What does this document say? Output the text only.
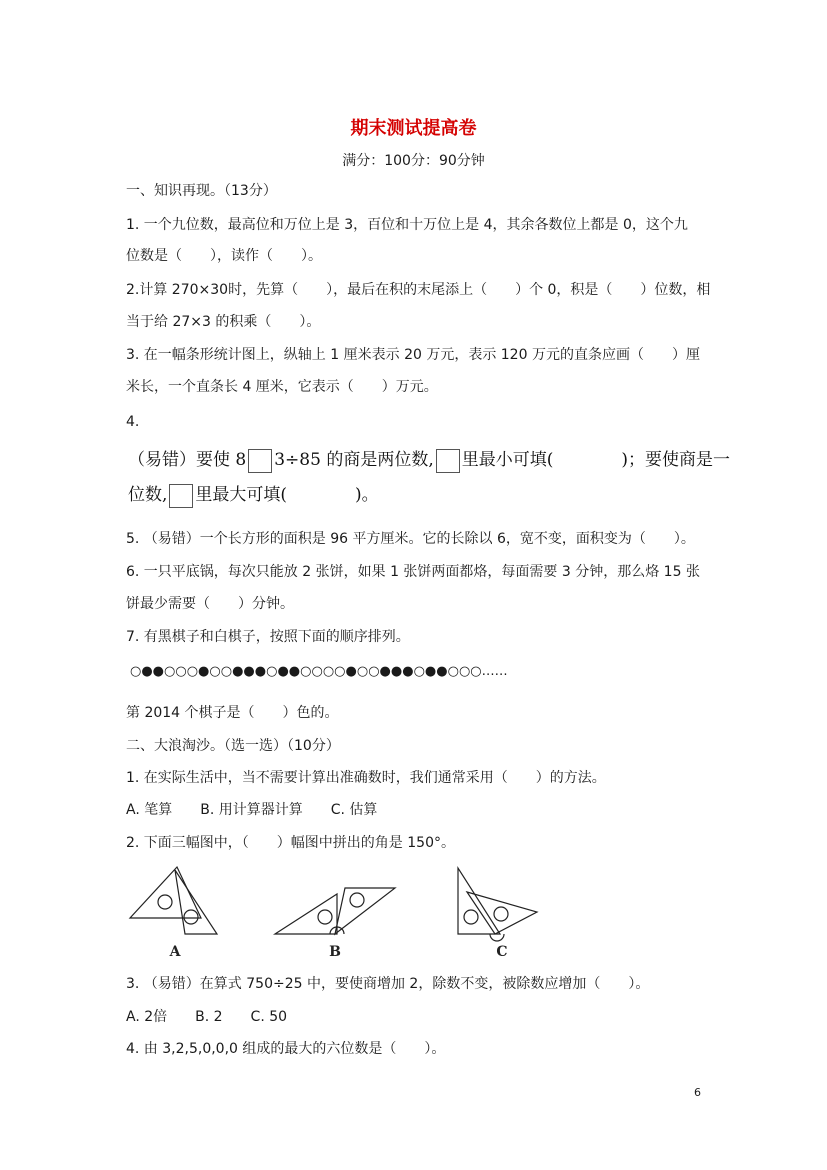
期末测试提高卷
满分：100分：90分钟
一、知识再现。（13分）
1. 一个九位数，最高位和万位上是 3，百位和十万位上是 4，其余各数位上都是 0，这个九
位数是（　　），读作（　　）。
2.计算 270×30时，先算（　　），最后在积的末尾添上（　　）个 0，积是（　　）位数，相
当于给 27×3 的积乘（　　）。
3. 在一幅条形统计图上，纵轴上 1 厘米表示 20 万元，表示 120 万元的直条应画（　　）厘
米长，一个直条长 4 厘米，它表示（　　）万元。
4.
（易错）要使 8 3÷85 的商是两位数, 里最小可填(　　　　)；要使商是一
位数, 里最大可填(　　　　)。
5. （易错）一个长方形的面积是 96 平方厘米。它的长除以 6，宽不变，面积变为（　　）。
6. 一只平底锅，每次只能放 2 张饼，如果 1 张饼两面都烙，每面需要 3 分钟，那么烙 15 张
饼最少需要（　　）分钟。
7. 有黑棋子和白棋子，按照下面的顺序排列。
○●●○○○●○○●●●○●●○○○○●○○●●●○●●○○○……
第 2014 个棋子是（　　）色的。
二、大浪淘沙。（选一选）（10分）
1. 在实际生活中，当不需要计算出准确数时，我们通常采用（　　）的方法。
A. 笔算　　B. 用计算器计算　　C. 估算
2. 下面三幅图中，（　　）幅图中拼出的角是 150°。
A	B	C
3. （易错）在算式 750÷25 中，要使商增加 2，除数不变，被除数应增加（　　）。
A. 2倍　　B. 2　　C. 50
4. 由 3,2,5,0,0,0 组成的最大的六位数是（　　）。
6
